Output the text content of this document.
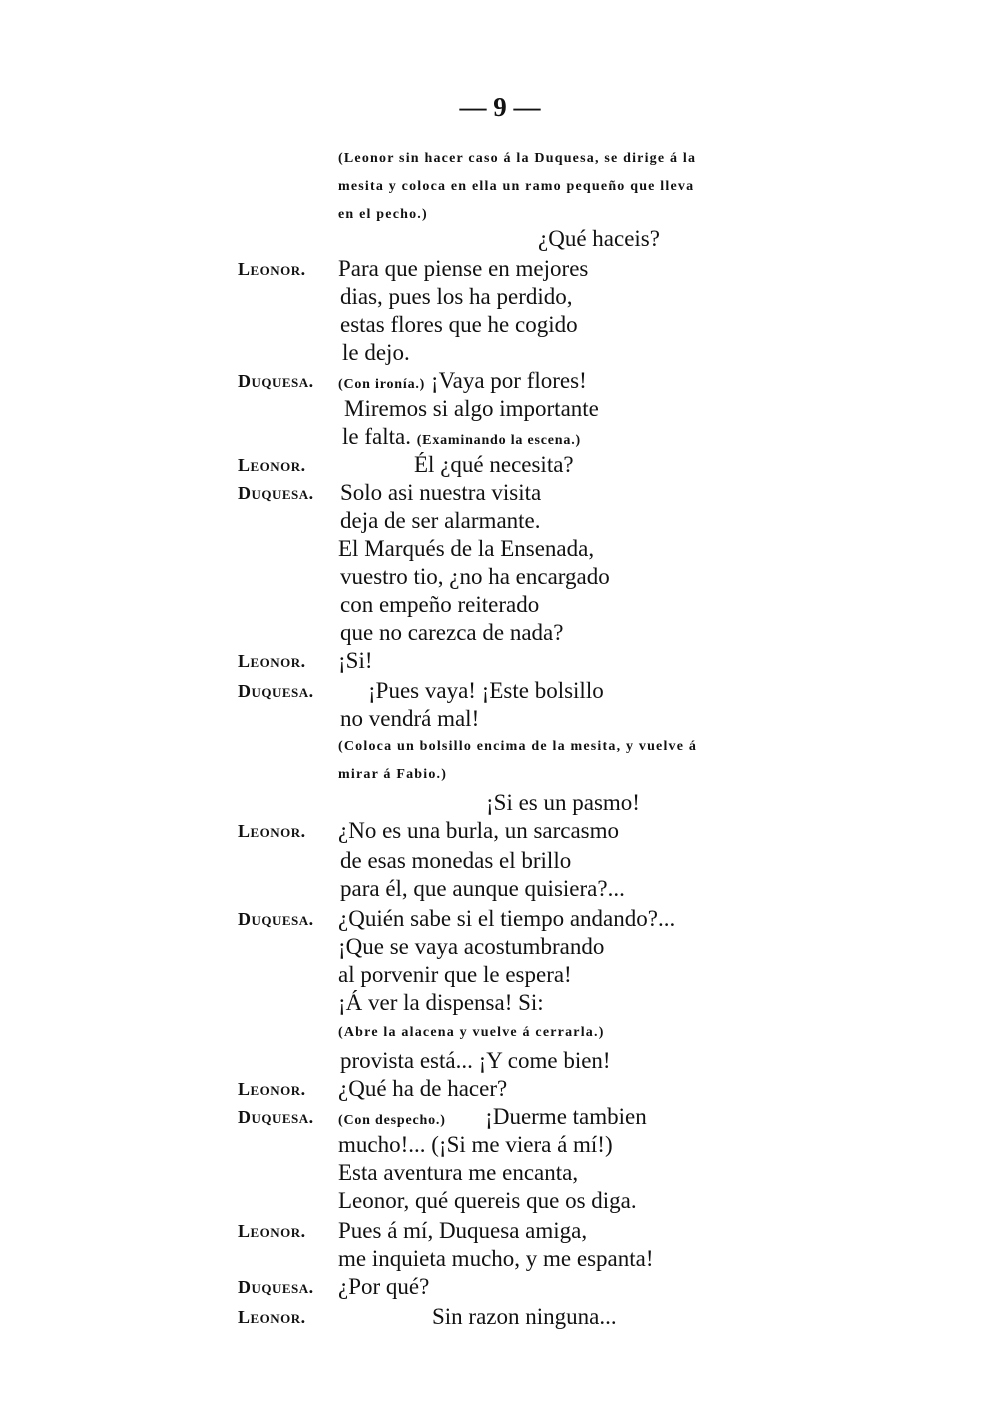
— 9 —
(Leonor sin hacer caso á la Duquesa, se dirige á la
mesita y coloca en ella un ramo pequeño que lleva
en el pecho.)
¿Qué haceis?
Leonor. Para que piense en mejores
dias, pues los ha perdido,
estas flores que he cogido
le dejo.
Duquesa. (Con ironía.) ¡Vaya por flores!
Miremos si algo importante
le falta. (Examinando la escena.)
Leonor.	Él ¿qué necesita?
Duquesa. Solo asi nuestra visita
deja de ser alarmante.
El Marqués de la Ensenada,
vuestro tio, ¿no ha encargado
con empeño reiterado
que no carezca de nada?
Leonor. ¡Si!
Duquesa. ¡Pues vaya! ¡Este bolsillo
no vendrá mal!
(Coloca un bolsillo encima de la mesita, y vuelve á
mirar á Fabio.)
¡Si es un pasmo!
Leonor. ¿No es una burla, un sarcasmo
de esas monedas el brillo
para él, que aunque quisiera?...
Duquesa. ¿Quién sabe si el tiempo andando?...
¡Que se vaya acostumbrando
al porvenir que le espera!
¡Á ver la dispensa! Si:
(Abre la alacena y vuelve á cerrarla.)
provista está... ¡Y come bien!
Leonor. ¿Qué ha de hacer?
Duquesa. (Con despecho.) ¡Duerme tambien
mucho!... (¡Si me viera á mí!)
Esta aventura me encanta,
Leonor, qué quereis que os diga.
Leonor. Pues á mí, Duquesa amiga,
me inquieta mucho, y me espanta!
Duquesa. ¿Por qué?
Leonor.	Sin razon ninguna...
